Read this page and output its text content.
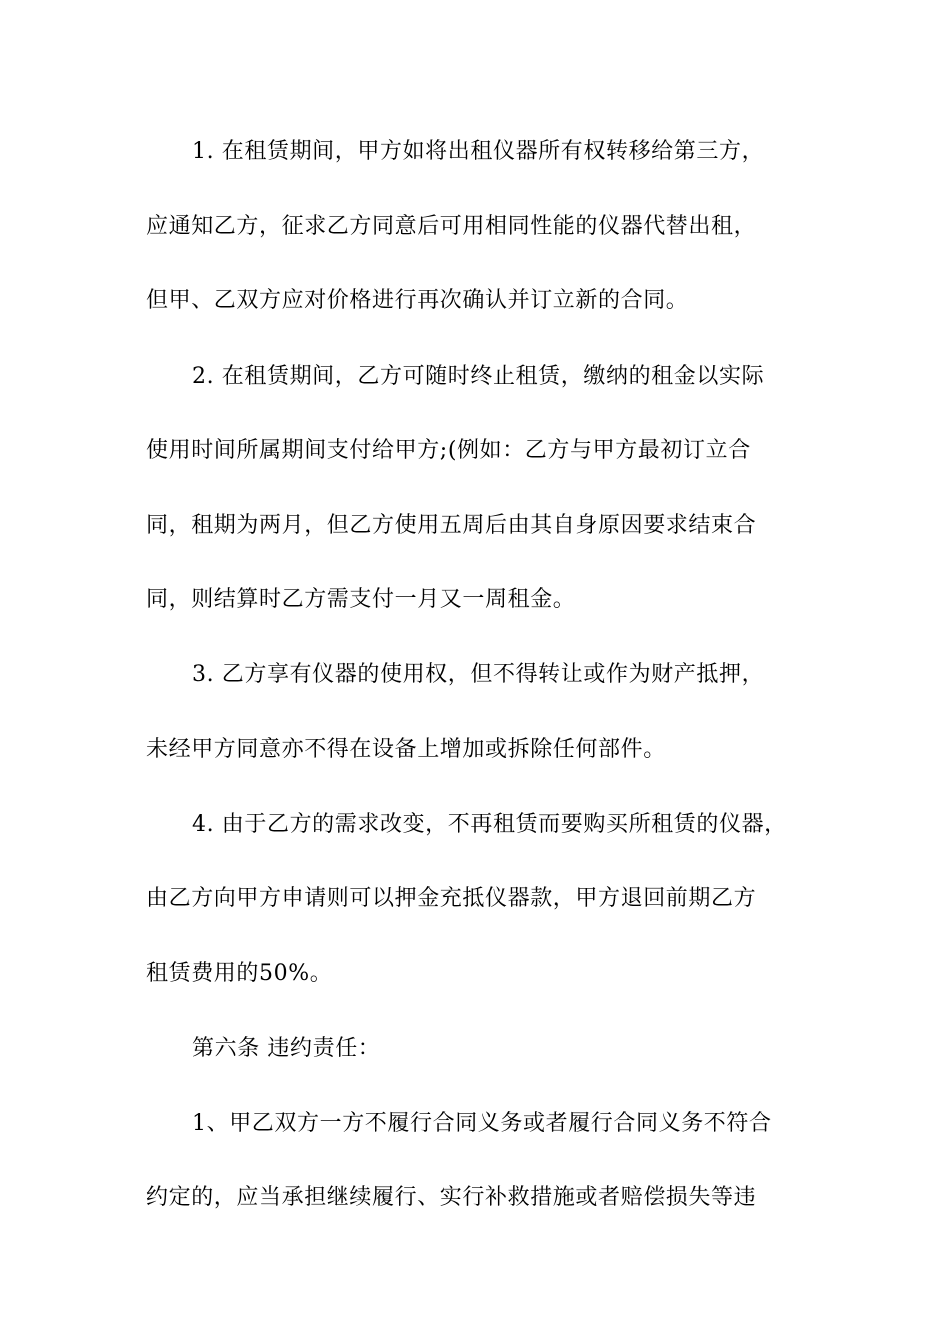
1. 在租赁期间，甲方如将出租仪器所有权转移给第三方，
应通知乙方，征求乙方同意后可用相同性能的仪器代替出租，
但甲、乙双方应对价格进行再次确认并订立新的合同。
2. 在租赁期间，乙方可随时终止租赁，缴纳的租金以实际
使用时间所属期间支付给甲方;(例如：乙方与甲方最初订立合
同，租期为两月，但乙方使用五周后由其自身原因要求结束合
同，则结算时乙方需支付一月又一周租金。
3. 乙方享有仪器的使用权，但不得转让或作为财产抵押，
未经甲方同意亦不得在设备上增加或拆除任何部件。
4. 由于乙方的需求改变，不再租赁而要购买所租赁的仪器，
由乙方向甲方申请则可以押金充抵仪器款，甲方退回前期乙方
租赁费用的50%。
第六条 违约责任：
1、甲乙双方一方不履行合同义务或者履行合同义务不符合
约定的，应当承担继续履行、实行补救措施或者赔偿损失等违
